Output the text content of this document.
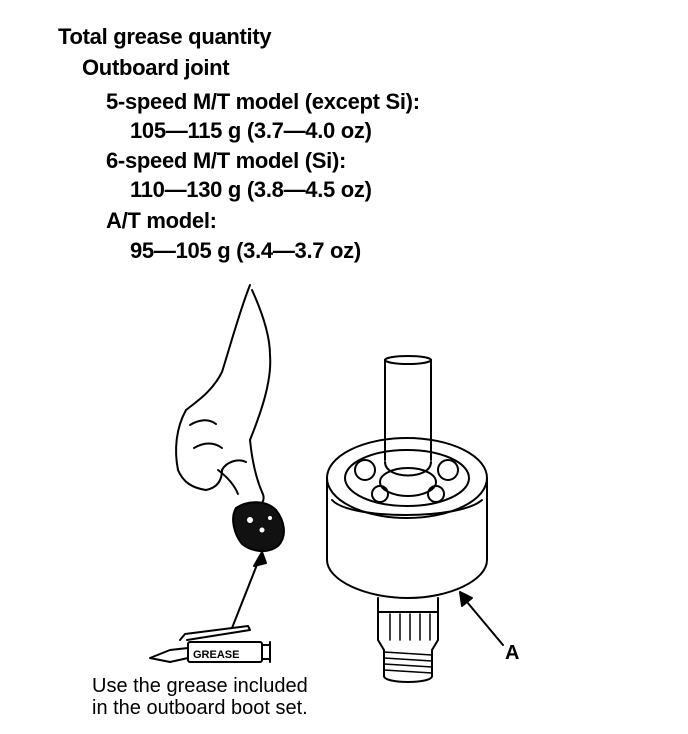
Total grease quantity
Outboard joint
5-speed M/T model (except Si):
105—115 g (3.7—4.0 oz)
6-speed M/T model (Si):
110—130 g (3.8—4.5 oz)
A/T model:
95—105 g (3.4—3.7 oz)
GREASE	A
Use the grease included
in the outboard boot set.
